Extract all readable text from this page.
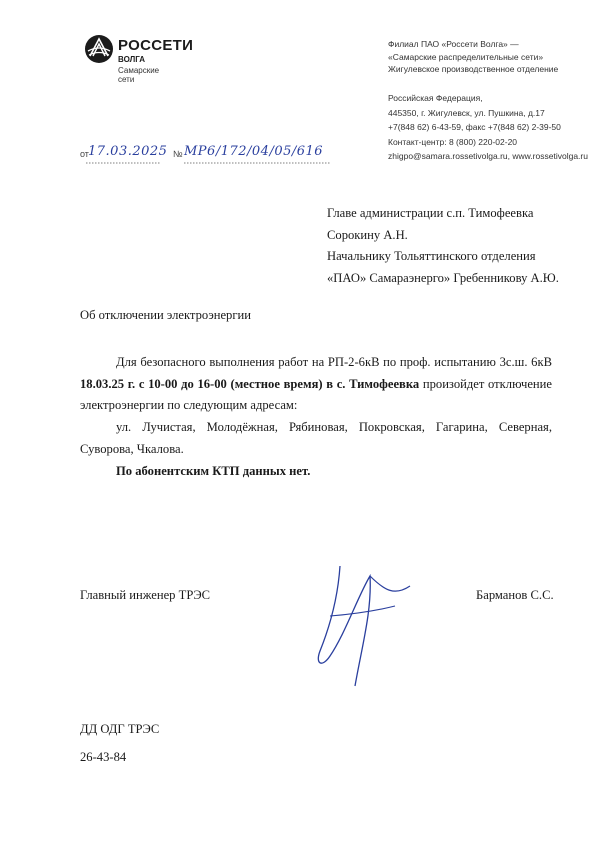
РОССЕТИ
ВОЛГА
Самарские сети
Филиал ПАО «Россети Волга» —
«Самарские распределительные сети»
Жигулевское производственное отделение
Российская Федерация,
445350, г. Жигулевск, ул. Пушкина, д.17
+7(848 62) 6-43-59, факс +7(848 62) 2-39-50
Контакт-центр: 8 (800) 220-02-20
zhigpo@samara.rossetivolga.ru, www.rossetivolga.ru
от 17.03.2025 № МР6/172/04/05/616
Главе администрации с.п. Тимофеевка
Сорокину А.Н.
Начальнику Тольяттинского отделения
«ПАО» Самараэнерго» Гребенникову А.Ю.
Об отключении электроэнергии
Для безопасного выполнения работ на РП-2-6кВ по проф. испытанию 3с.ш. 6кВ 18.03.25 г. с 10-00 до 16-00 (местное время) в с. Тимофеевка произойдет отключение электроэнергии по следующим адресам:
ул. Лучистая, Молодёжная, Рябиновая, Покровская, Гагарина, Северная, Суворова, Чкалова.
По абонентским КТП данных нет.
Главный инженер ТРЭС	Барманов С.С.
ДД ОДГ ТРЭС
26-43-84
